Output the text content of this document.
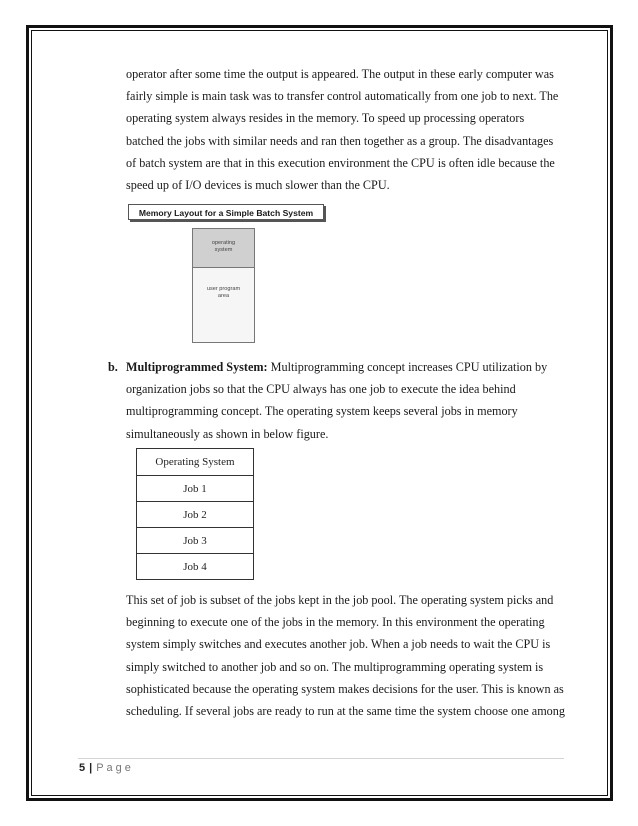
operator after some time the output is appeared. The output in these early computer was
fairly simple is main task was to transfer control automatically from one job to next. The
operating system always resides in the memory. To speed up processing operators
batched the jobs with similar needs and ran then together as a group. The disadvantages
of batch system are that in this execution environment the CPU is often idle because the
speed up of I/O devices is much slower than the CPU.

Memory Layout for a Simple Batch System
operating
system
user program
area
b. Multiprogrammed System: Multiprogramming concept increases CPU utilization by
organization jobs so that the CPU always has one job to execute the idea behind
multiprogramming concept. The operating system keeps several jobs in memory
simultaneously as shown in below figure.

Operating System
Job 1
Job 2
Job 3
Job 4

This set of job is subset of the jobs kept in the job pool. The operating system picks and
beginning to execute one of the jobs in the memory. In this environment the operating
system simply switches and executes another job. When a job needs to wait the CPU is
simply switched to another job and so on. The multiprogramming operating system is
sophisticated because the operating system makes decisions for the user. This is known as
scheduling. If several jobs are ready to run at the same time the system choose one among

5 | Page
